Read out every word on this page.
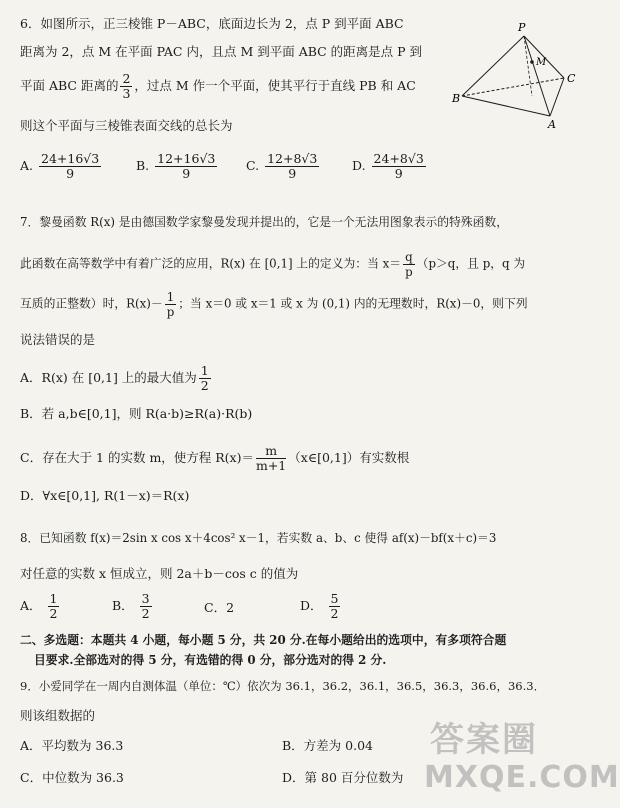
6．如图所示，正三棱锥 P－ABC，底面边长为 2，点 P 到平面 ABC
距离为 2，点 M 在平面 PAC 内，且点 M 到平面 ABC 的距离是点 P 到
平面 ABC 距离的 $\frac{2}{3}$ ，过点 M 作一个平面，使其平行于直线 PB 和 AC
则这个平面与三棱锥表面交线的总长为
P
M
C
B
A
A. $\frac{24+16√3}{9}$	B. $\frac{12+16√3}{9} C$. $\frac{12+8√3}{9}$	D. $\frac{24+8√3}{9}$
7．黎曼函数 R(x) 是由德国数学家黎曼发现并提出的，它是一个无法用图象表示的特殊函数，
此函数在高等数学中有着广泛的应用，R(x) 在 [0,1] 上的定义为：当 $x= \frac{q}{p} (p>q$，且 p，q 为
互质的正整数）时，$R(x)- \frac{1}{p}$ ；当 x＝0 或 x＝1 或 x 为 (0,1) 内的无理数时，R(x)－0，则下列
说法错误的是
A．R(x) 在 [0,1] 上的最大值为 $\frac{1}{2}$
B．若 a,b∈[0,1]，则 R(a·b)≥R(a)·R(b)
C．存在大于 1 的实数 m，使方程 $R(x)= \frac{m}{m+1}$ （x∈[0,1]）有实数根
D．∀x∈[0,1], R(1－x)＝R(x)
8．已知函数 f(x)＝2sin x cos x＋4cos² x－1，若实数 a、b、c 使得 af(x)－bf(x＋c)＝3
对任意的实数 x 恒成立，则 2a＋b－cos c 的值为
A． $\frac{1}{2}$	B． $\frac{3}{2}$	C．2	D． $\frac{5}{2}$
二、多选题：本题共 4 小题，每小题 5 分，共 20 分.在每小题给出的选项中，有多项符合题
目要求.全部选对的得 5 分，有选错的得 0 分，部分选对的得 2 分.
9．小爱同学在一周内自测体温（单位：℃）依次为 36.1，36.2，36.1，36.5，36.3，36.6，36.3．
则该组数据的
A．平均数为 36.3	B．方差为 0.04
C．中位数为 36.3	D．第 80 百分位数为
答案圈
MXQE.COM
